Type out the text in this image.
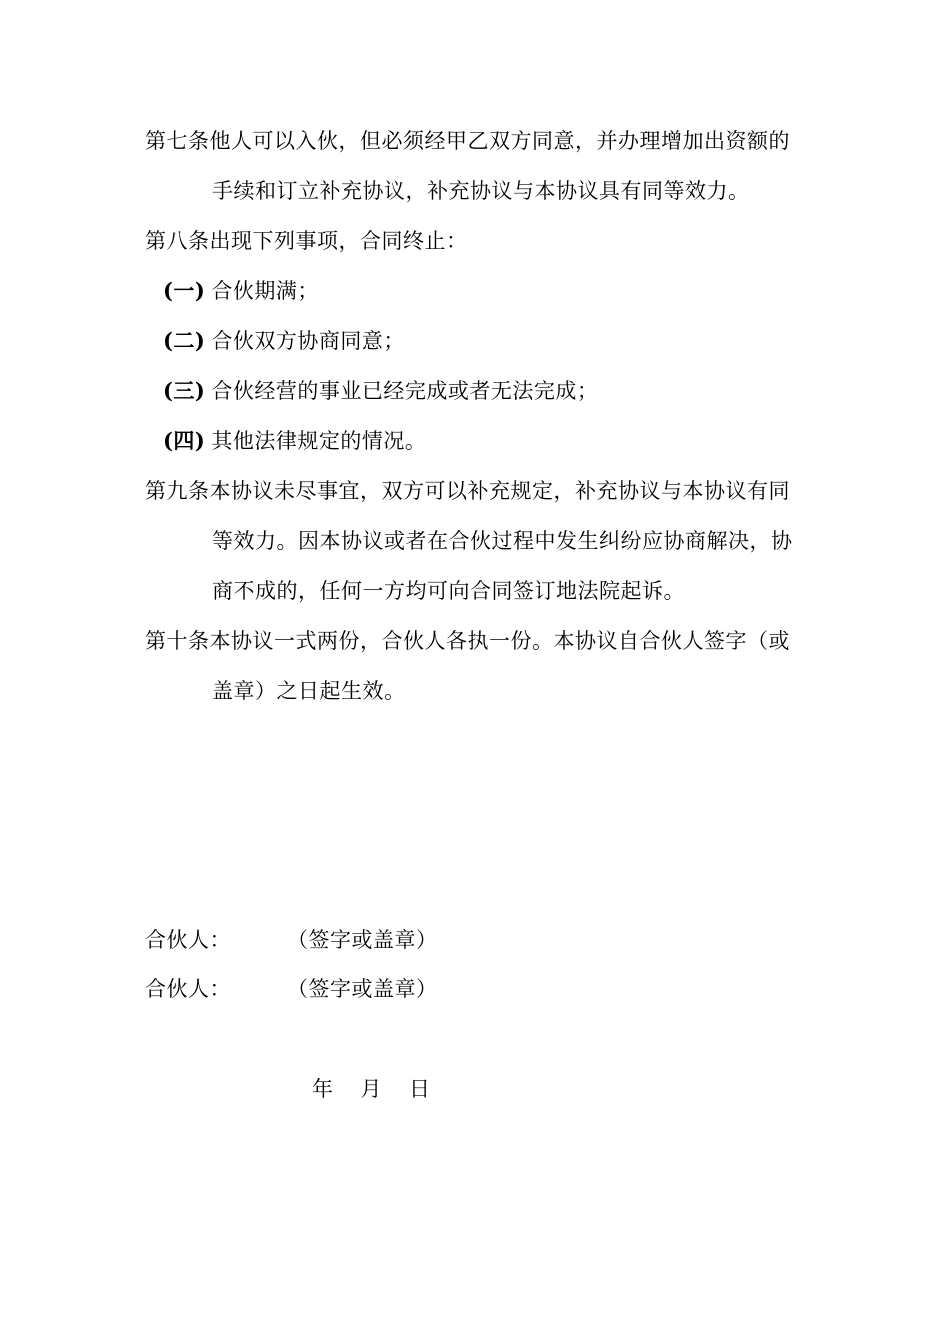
第七条他人可以入伙，但必须经甲乙双方同意，并办理增加出资额的
手续和订立补充协议，补充协议与本协议具有同等效力。
第八条出现下列事项，合同终止：
(一) 合伙期满；
(二) 合伙双方协商同意；
(三) 合伙经营的事业已经完成或者无法完成；
(四) 其他法律规定的情况。
第九条本协议未尽事宜，双方可以补充规定，补充协议与本协议有同
等效力。因本协议或者在合伙过程中发生纠纷应协商解决，协
商不成的，任何一方均可向合同签订地法院起诉。
第十条本协议一式两份，合伙人各执一份。本协议自合伙人签字（或
盖章）之日起生效。
合伙人：	（签字或盖章）
合伙人：	（签字或盖章）
年 月 日
